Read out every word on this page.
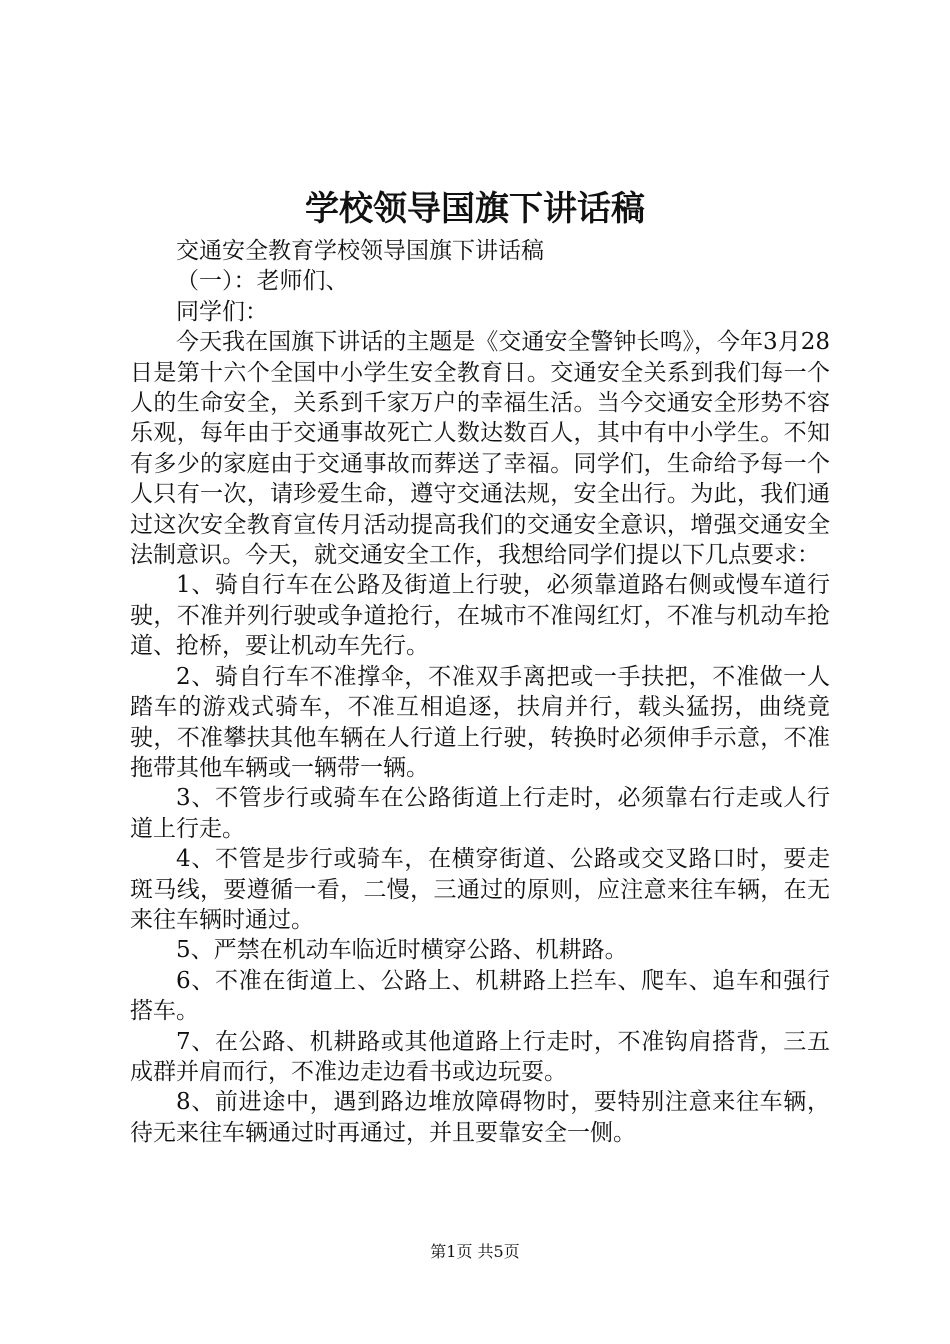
学校领导国旗下讲话稿

交通安全教育学校领导国旗下讲话稿

（一）：老师们、

同学们：

今天我在国旗下讲话的主题是《交通安全警钟长鸣》，今年3月28日是第十六个全国中小学生安全教育日。交通安全关系到我们每一个人的生命安全，关系到千家万户的幸福生活。当今交通安全形势不容乐观，每年由于交通事故死亡人数达数百人，其中有中小学生。不知有多少的家庭由于交通事故而葬送了幸福。同学们，生命给予每一个人只有一次，请珍爱生命，遵守交通法规，安全出行。为此，我们通过这次安全教育宣传月活动提高我们的交通安全意识，增强交通安全法制意识。今天，就交通安全工作，我想给同学们提以下几点要求：

1、骑自行车在公路及街道上行驶，必须靠道路右侧或慢车道行驶，不准并列行驶或争道抢行，在城市不准闯红灯，不准与机动车抢道、抢桥，要让机动车先行。

2、骑自行车不准撑伞，不准双手离把或一手扶把，不准做一人踏车的游戏式骑车，不准互相追逐，扶肩并行，载头猛拐，曲绕竟驶，不准攀扶其他车辆在人行道上行驶，转换时必须伸手示意，不准拖带其他车辆或一辆带一辆。

3、不管步行或骑车在公路街道上行走时，必须靠右行走或人行道上行走。

4、不管是步行或骑车，在横穿街道、公路或交叉路口时，要走斑马线，要遵循一看，二慢，三通过的原则，应注意来往车辆，在无来往车辆时通过。

5、严禁在机动车临近时横穿公路、机耕路。

6、不准在街道上、公路上、机耕路上拦车、爬车、追车和强行搭车。

7、在公路、机耕路或其他道路上行走时，不准钩肩搭背，三五成群并肩而行，不准边走边看书或边玩耍。

8、前进途中，遇到路边堆放障碍物时，要特别注意来往车辆，待无来往车辆通过时再通过，并且要靠安全一侧。

第1页 共5页
